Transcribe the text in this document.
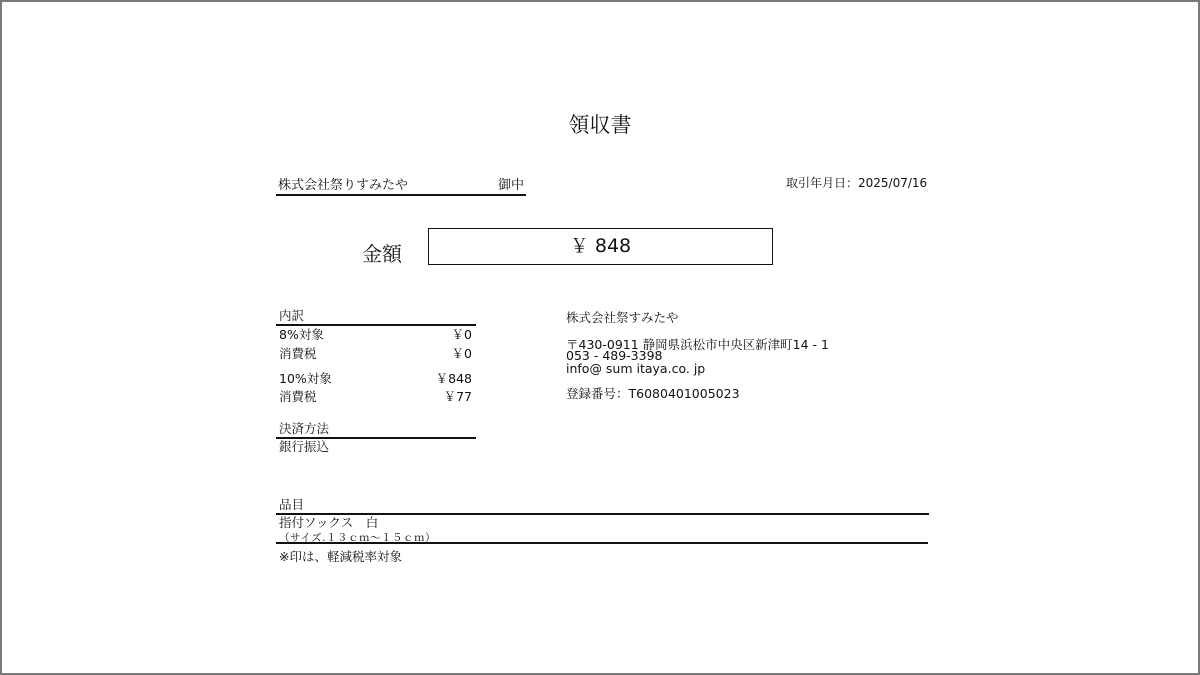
領収書
株式会社祭りすみたや	御中	取引年月日：2025/07/16
金額	￥ 848
内訳
8%対象	￥0
消費税	￥0
10%対象	￥848
消費税	￥77
決済方法
銀行振込
株式会社祭すみたや
〒430-0911 静岡県浜松市中央区新津町14 - 1
053 - 489-3398
info@ sum itaya.co. jp
登録番号：T6080401005023
品目
指付ソックス　白
（サイズ.１３ｃｍ～１５ｃｍ）
※印は、軽減税率対象
